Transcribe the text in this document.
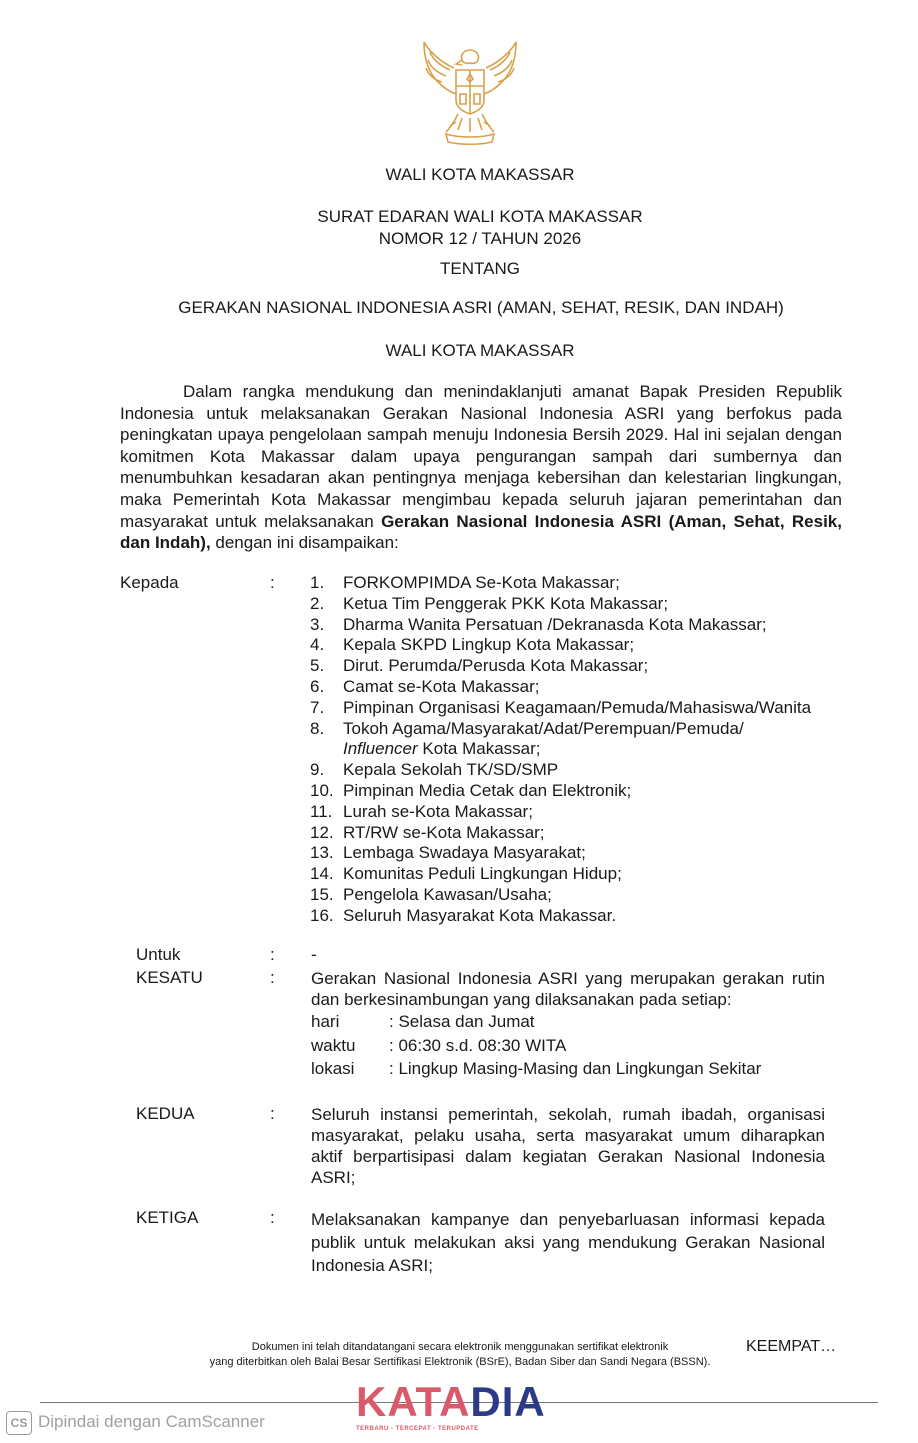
WALI KOTA MAKASSAR
SURAT EDARAN WALI KOTA MAKASSAR
NOMOR 12 / TAHUN 2026
TENTANG
GERAKAN NASIONAL INDONESIA ASRI (AMAN, SEHAT, RESIK, DAN INDAH)
WALI KOTA MAKASSAR
Dalam rangka mendukung dan menindaklanjuti amanat Bapak Presiden Republik Indonesia untuk melaksanakan Gerakan Nasional Indonesia ASRI yang berfokus pada peningkatan upaya pengelolaan sampah menuju Indonesia Bersih 2029. Hal ini sejalan dengan komitmen Kota Makassar dalam upaya pengurangan sampah dari sumbernya dan menumbuhkan kesadaran akan pentingnya menjaga kebersihan dan kelestarian lingkungan, maka Pemerintah Kota Makassar mengimbau kepada seluruh jajaran pemerintahan dan masyarakat untuk melaksanakan Gerakan Nasional Indonesia ASRI (Aman, Sehat, Resik, dan Indah), dengan ini disampaikan:
Kepada	: 1. FORKOMPIMDA Se-Kota Makassar;
2. Ketua Tim Penggerak PKK Kota Makassar;
3. Dharma Wanita Persatuan /Dekranasda Kota Makassar;
4. Kepala SKPD Lingkup Kota Makassar;
5. Dirut. Perumda/Perusda Kota Makassar;
6. Camat se-Kota Makassar;
7. Pimpinan Organisasi Keagamaan/Pemuda/Mahasiswa/Wanita
8. Tokoh Agama/Masyarakat/Adat/Perempuan/Pemuda/
Influencer Kota Makassar;
9. Kepala Sekolah TK/SD/SMP
10. Pimpinan Media Cetak dan Elektronik;
11. Lurah se-Kota Makassar;
12. RT/RW se-Kota Makassar;
13. Lembaga Swadaya Masyarakat;
14. Komunitas Peduli Lingkungan Hidup;
15. Pengelola Kawasan/Usaha;
16. Seluruh Masyarakat Kota Makassar.
Untuk	: -
KESATU	: Gerakan Nasional Indonesia ASRI yang merupakan gerakan rutin dan berkesinambungan yang dilaksanakan pada setiap:
hari	: Selasa dan Jumat
waktu : 06:30 s.d. 08:30 WITA
lokasi : Lingkup Masing-Masing dan Lingkungan Sekitar
KEDUA	: Seluruh instansi pemerintah, sekolah, rumah ibadah, organisasi masyarakat, pelaku usaha, serta masyarakat umum diharapkan aktif berpartisipasi dalam kegiatan Gerakan Nasional Indonesia ASRI;
KETIGA	: Melaksanakan kampanye dan penyebarluasan informasi kepada publik untuk melakukan aksi yang mendukung Gerakan Nasional Indonesia ASRI;
Dokumen ini telah ditandatangani secara elektronik menggunakan sertifikat elektronik
yang diterbitkan oleh Balai Besar Sertifikasi Elektronik (BSrE), Badan Siber dan Sandi Negara (BSSN).
KEEMPAT…
CS Dipindai dengan CamScanner KATADIA
TERBARU - TERCEPAT - TERUPDATE
